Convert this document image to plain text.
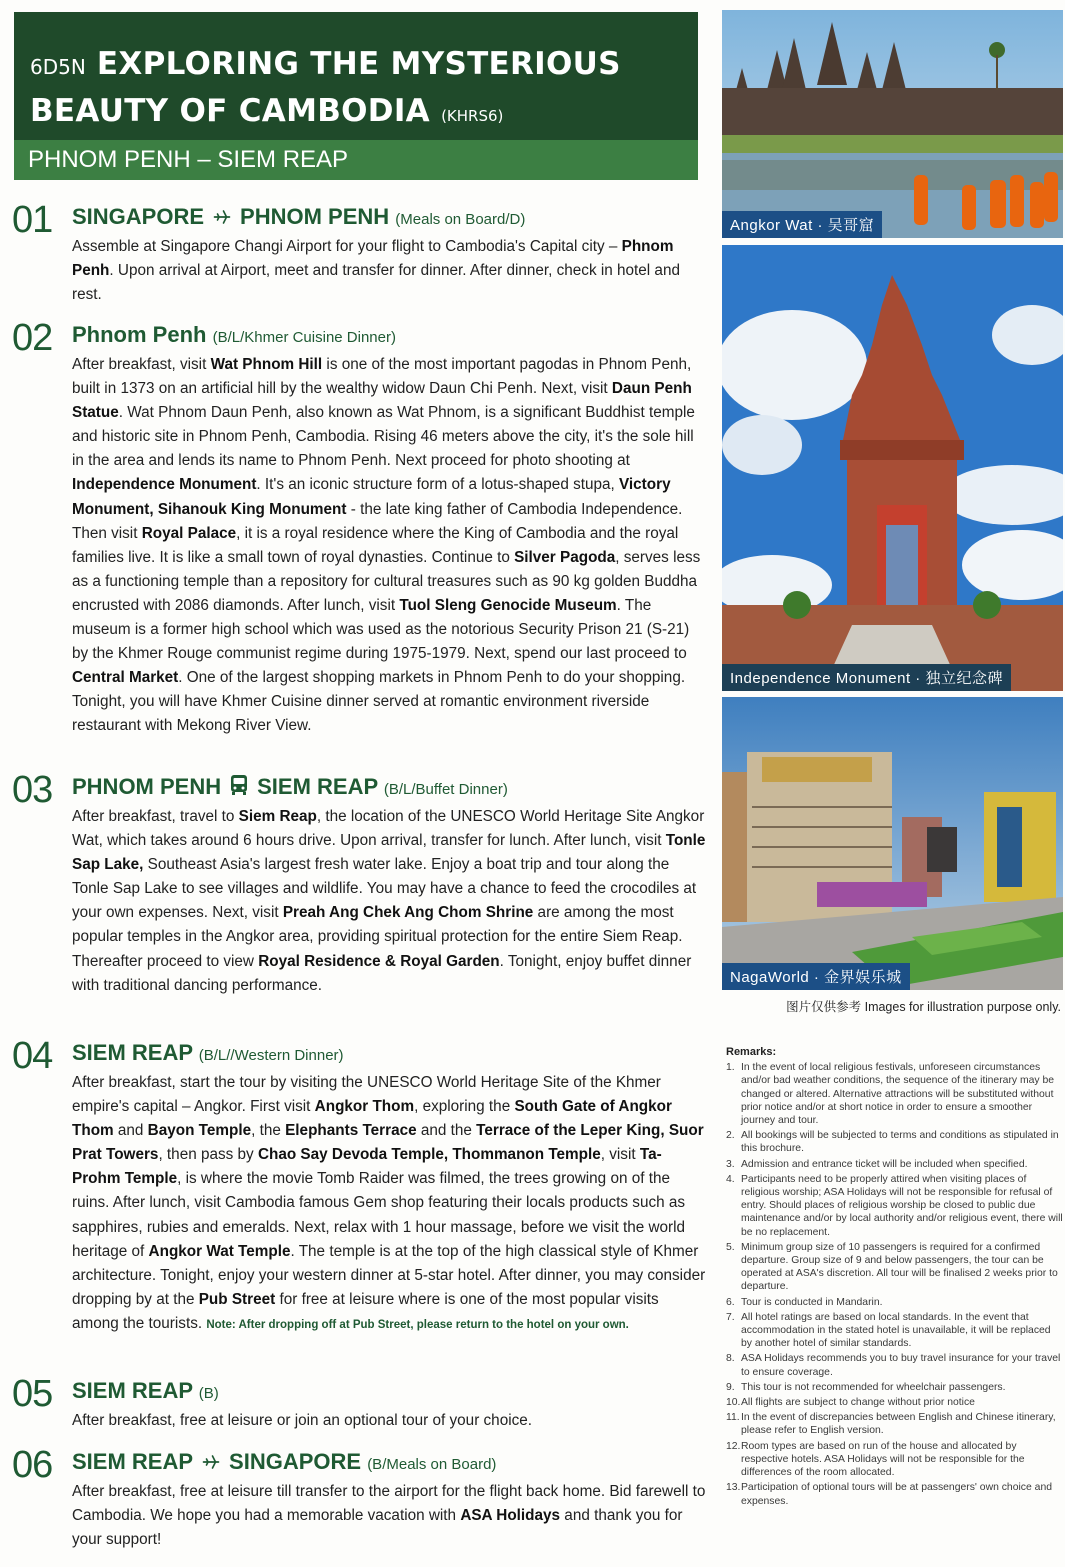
6D5N EXPLORING THE MYSTERIOUS
BEAUTY OF CAMBODIA (KHRS6)
PHNOM PENH – SIEM REAP
01 SINGAPORE PHNOM PENH (Meals on Board/D)
Assemble at Singapore Changi Airport for your flight to Cambodia's Capital city – Phnom Penh. Upon arrival at Airport, meet and transfer for dinner. After dinner, check in hotel and rest.
02 Phnom Penh (B/L/Khmer Cuisine Dinner)
After breakfast, visit Wat Phnom Hill is one of the most important pagodas in Phnom Penh, built in 1373 on an artificial hill by the wealthy widow Daun Chi Penh. Next, visit Daun Penh Statue. Wat Phnom Daun Penh, also known as Wat Phnom, is a significant Buddhist temple and historic site in Phnom Penh, Cambodia. Rising 46 meters above the city, it's the sole hill in the area and lends its name to Phnom Penh. Next proceed for photo shooting at Independence Monument. It's an iconic structure form of a lotus-shaped stupa, Victory Monument, Sihanouk King Monument - the late king father of Cambodia Independence. Then visit Royal Palace, it is a royal residence where the King of Cambodia and the royal families live. It is like a small town of royal dynasties. Continue to Silver Pagoda, serves less as a functioning temple than a repository for cultural treasures such as 90 kg golden Buddha encrusted with 2086 diamonds. After lunch, visit Tuol Sleng Genocide Museum. The museum is a former high school which was used as the notorious Security Prison 21 (S-21) by the Khmer Rouge communist regime during 1975-1979. Next, spend our last proceed to Central Market. One of the largest shopping markets in Phnom Penh to do your shopping. Tonight, you will have Khmer Cuisine dinner served at romantic environment riverside restaurant with Mekong River View.
03 PHNOM PENH SIEM REAP (B/L/Buffet Dinner)
After breakfast, travel to Siem Reap, the location of the UNESCO World Heritage Site Angkor Wat, which takes around 6 hours drive. Upon arrival, transfer for lunch. After lunch, visit Tonle Sap Lake, Southeast Asia's largest fresh water lake. Enjoy a boat trip and tour along the Tonle Sap Lake to see villages and wildlife. You may have a chance to feed the crocodiles at your own expenses. Next, visit Preah Ang Chek Ang Chom Shrine are among the most popular temples in the Angkor area, providing spiritual protection for the entire Siem Reap. Thereafter proceed to view Royal Residence & Royal Garden. Tonight, enjoy buffet dinner with traditional dancing performance.
04 SIEM REAP (B/L//Western Dinner)
After breakfast, start the tour by visiting the UNESCO World Heritage Site of the Khmer empire's capital – Angkor. First visit Angkor Thom, exploring the South Gate of Angkor Thom and Bayon Temple, the Elephants Terrace and the Terrace of the Leper King, Suor Prat Towers, then pass by Chao Say Devoda Temple, Thommanon Temple, visit Ta-Prohm Temple, is where the movie Tomb Raider was filmed, the trees growing on of the ruins. After lunch, visit Cambodia famous Gem shop featuring their locals products such as sapphires, rubies and emeralds. Next, relax with 1 hour massage, before we visit the world heritage of Angkor Wat Temple. The temple is at the top of the high classical style of Khmer architecture. Tonight, enjoy your western dinner at 5-star hotel. After dinner, you may consider dropping by at the Pub Street for free at leisure where is one of the most popular visits among the tourists. Note: After dropping off at Pub Street, please return to the hotel on your own.
05 SIEM REAP (B)
After breakfast, free at leisure or join an optional tour of your choice.
06 SIEM REAP SINGAPORE (B/Meals on Board)
After breakfast, free at leisure till transfer to the airport for the flight back home. Bid farewell to Cambodia. We hope you had a memorable vacation with ASA Holidays and thank you for your support!
Angkor Wat · 吴哥窟
Independence Monument · 独立纪念碑
NagaWorld · 金界娱乐城
图片仅供参考 Images for illustration purpose only.
Remarks:
1. In the event of local religious festivals, unforeseen circumstances and/or bad weather conditions, the sequence of the itinerary may be changed or altered. Alternative attractions will be substituted without prior notice and/or at short notice in order to ensure a smoother journey and tour.
2. All bookings will be subjected to terms and conditions as stipulated in this brochure.
3. Admission and entrance ticket will be included when specified.
4. Participants need to be properly attired when visiting places of religious worship; ASA Holidays will not be responsible for refusal of entry. Should places of religious worship be closed to public due maintenance and/or by local authority and/or religious event, there will be no replacement.
5. Minimum group size of 10 passengers is required for a confirmed departure. Group size of 9 and below passengers, the tour can be operated at ASA's discretion. All tour will be finalised 2 weeks prior to departure.
6. Tour is conducted in Mandarin.
7. All hotel ratings are based on local standards. In the event that accommodation in the stated hotel is unavailable, it will be replaced by another hotel of similar standards.
8. ASA Holidays recommends you to buy travel insurance for your travel to ensure coverage.
9. This tour is not recommended for wheelchair passengers.
10. All flights are subject to change without prior notice
11. In the event of discrepancies between English and Chinese itinerary, please refer to English version.
12. Room types are based on run of the house and allocated by respective hotels. ASA Holidays will not be responsible for the differences of the room allocated.
13. Participation of optional tours will be at passengers' own choice and expenses.
